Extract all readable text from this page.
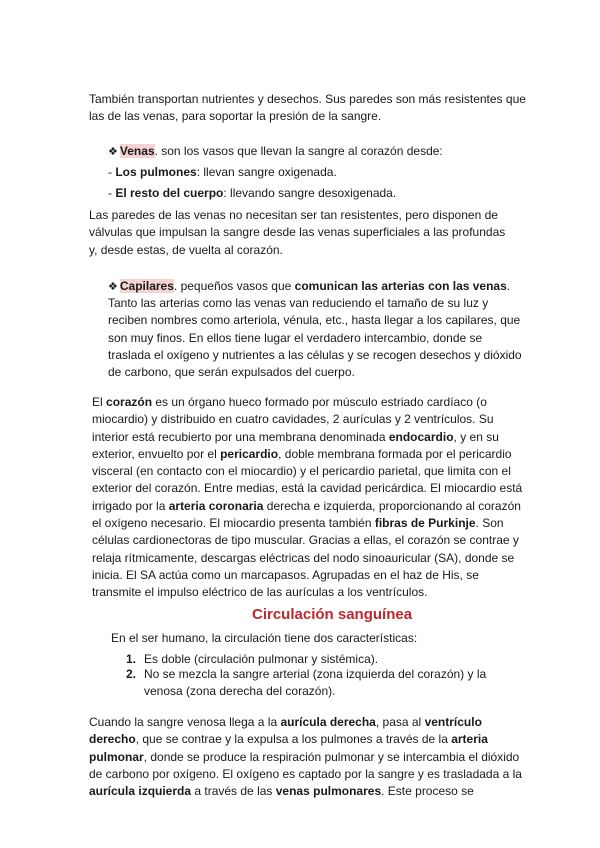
También transportan nutrientes y desechos. Sus paredes son más resistentes que
las de las venas, para soportar la presión de la sangre.
❖ Venas. son los vasos que llevan la sangre al corazón desde:
- Los pulmones: llevan sangre oxigenada.
- El resto del cuerpo: llevando sangre desoxigenada.
Las paredes de las venas no necesitan ser tan resistentes, pero disponen de
válvulas que impulsan la sangre desde las venas superficiales a las profundas
y, desde estas, de vuelta al corazón.
❖ Capilares. pequeños vasos que comunican las arterias con las venas.
Tanto las arterias como las venas van reduciendo el tamaño de su luz y
reciben nombres como arteriola, vénula, etc., hasta llegar a los capilares, que
son muy finos. En ellos tiene lugar el verdadero intercambio, donde se
traslada el oxígeno y nutrientes a las células y se recogen desechos y dióxido
de carbono, que serán expulsados del cuerpo.
El corazón es un órgano hueco formado por músculo estriado cardíaco (o
miocardio) y distribuido en cuatro cavidades, 2 aurículas y 2 ventrículos. Su
interior está recubierto por una membrana denominada endocardio, y en su
exterior, envuelto por el pericardio, doble membrana formada por el pericardio
visceral (en contacto con el miocardio) y el pericardio parietal, que limita con el
exterior del corazón. Entre medias, está la cavidad pericárdica. El miocardio está
irrigado por la arteria coronaria derecha e izquierda, proporcionando al corazón
el oxígeno necesario. El miocardio presenta también fibras de Purkinje. Son
células cardionectoras de tipo muscular. Gracias a ellas, el corazón se contrae y
relaja rítmicamente, descargas eléctricas del nodo sinoauricular (SA), donde se
inicia. El SA actúa como un marcapasos. Agrupadas en el haz de His, se
transmite el impulso eléctrico de las aurículas a los ventrículos.
Circulación sanguínea
En el ser humano, la circulación tiene dos características:
1. Es doble (circulación pulmonar y sistémica).
2. No se mezcla la sangre arterial (zona izquierda del corazón) y la
venosa (zona derecha del corazón).
Cuando la sangre venosa llega a la aurícula derecha, pasa al ventrículo
derecho, que se contrae y la expulsa a los pulmones a través de la arteria
pulmonar, donde se produce la respiración pulmonar y se intercambia el dióxido
de carbono por oxígeno. El oxígeno es captado por la sangre y es trasladada a la
aurícula izquierda a través de las venas pulmonares. Este proceso se
